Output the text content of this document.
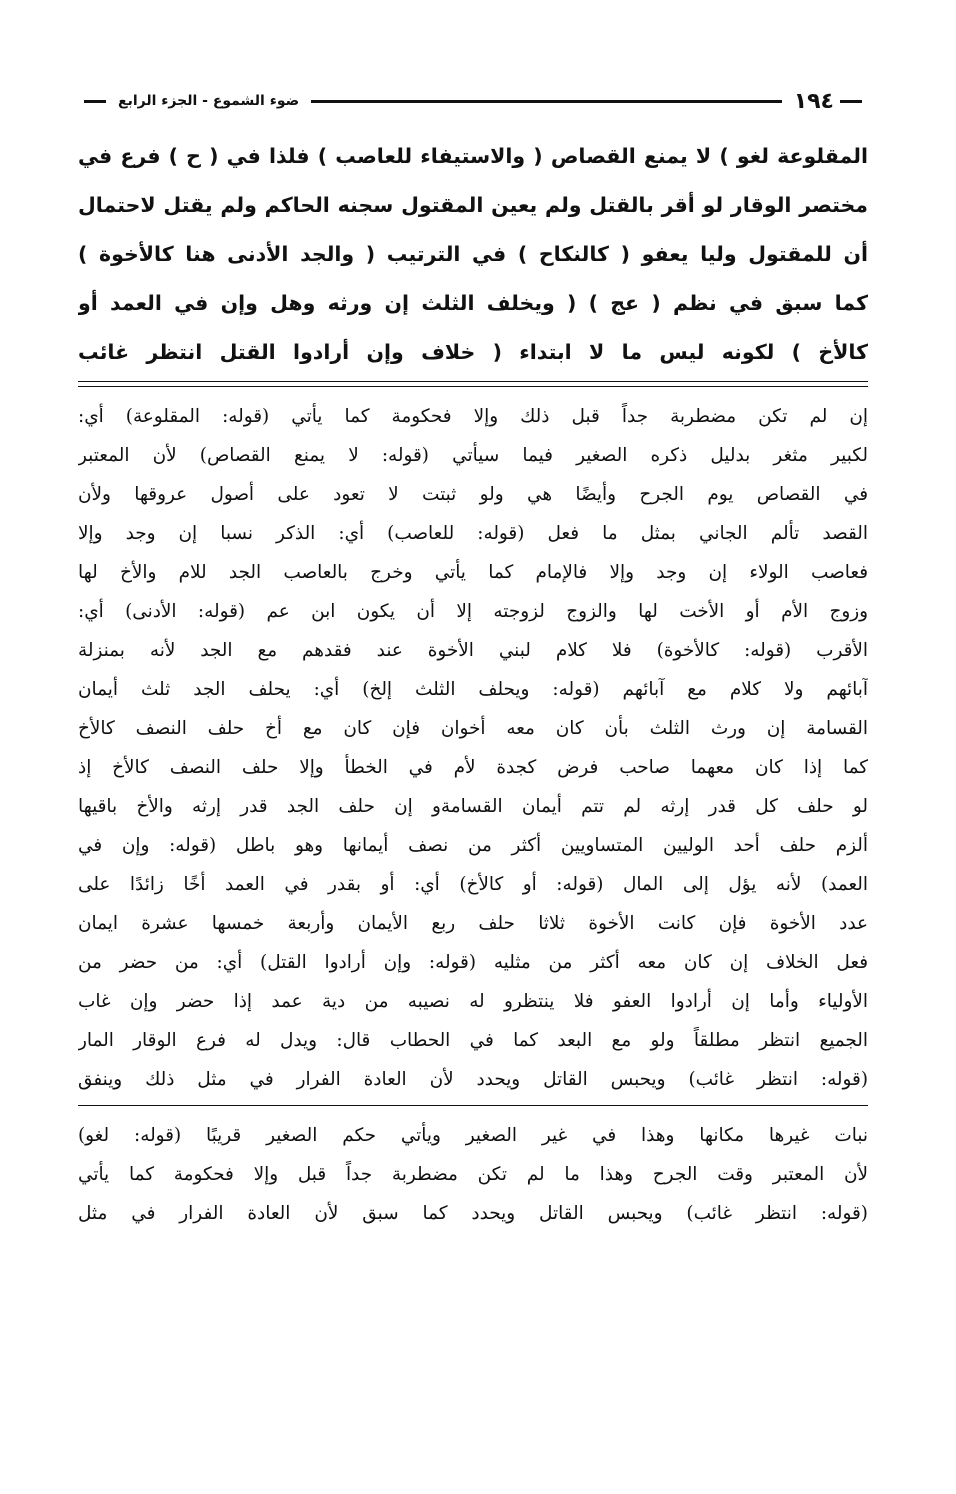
١٩٤
ضوء الشموع - الجزء الرابع
المقلوعة لغو ) لا يمنع القصاص ( والاستيفاء للعاصب ) فلذا في ( ح ) فرع في
مختصر الوقار لو أقر بالقتل ولم يعين المقتول سجنه الحاكم ولم يقتل لاحتمال
أن للمقتول وليا يعفو ( كالنكاح ) في الترتيب ( والجد الأدنى هنا كالأخوة )
كما سبق في نظم ( عج ) ( ويخلف الثلث إن ورثه وهل وإن في العمد أو
كالأخ ) لكونه ليس ما لا ابتداء ( خلاف وإن أرادوا القتل انتظر غائب
إن لم تكن مضطربة جداً قبل ذلك وإلا فحكومة كما يأتي (قوله: المقلوعة) أي:
لكبير مثغر بدليل ذكره الصغير فيما سيأتي (قوله: لا يمنع القصاص) لأن المعتبر
في القصاص يوم الجرح وأيضًا هي ولو ثبتت لا تعود على أصول عروقها ولأن
القصد تألم الجاني بمثل ما فعل (قوله: للعاصب) أي: الذكر نسبا إن وجد وإلا
فعاصب الولاء إن وجد وإلا فالإمام كما يأتي وخرج بالعاصب الجد للام والأخ لها
وزوج الأم أو الأخت لها والزوج لزوجته إلا أن يكون ابن عم (قوله: الأدنى) أي:
الأقرب (قوله: كالأخوة) فلا كلام لبني الأخوة عند فقدهم مع الجد لأنه بمنزلة
آبائهم ولا كلام مع آبائهم (قوله: ويحلف الثلث إلخ) أي: يحلف الجد ثلث أيمان
القسامة إن ورث الثلث بأن كان معه أخوان فإن كان مع أخ حلف النصف كالأخ
كما إذا كان معهما صاحب فرض كجدة لأم في الخطأ وإلا حلف النصف كالأخ إذ
لو حلف كل قدر إرثه لم تتم أيمان القسامةو إن حلف الجد قدر إرثه والأخ باقيها
ألزم حلف أحد الوليين المتساويين أكثر من نصف أيمانها وهو باطل (قوله: وإن في
العمد) لأنه يؤل إلى المال (قوله: أو كالأخ) أي: أو بقدر في العمد أخًا زائدًا على
عدد الأخوة فإن كانت الأخوة ثلاثا حلف ربع الأيمان وأربعة خمسها عشرة ايمان
فعل الخلاف إن كان معه أكثر من مثليه (قوله: وإن أرادوا القتل) أي: من حضر من
الأولياء وأما إن أرادوا العفو فلا ينتظرو له نصيبه من دية عمد إذا حضر وإن غاب
الجميع انتظر مطلقاً ولو مع البعد كما في الحطاب قال: ويدل له فرع الوقار المار
(قوله: انتظر غائب) ويحبس القاتل ويحدد لأن العادة الفرار في مثل ذلك وينفق
نبات غيرها مكانها وهذا في غير الصغير ويأتي حكم الصغير قريبًا (قوله: لغو)
لأن المعتبر وقت الجرح وهذا ما لم تكن مضطربة جداً قبل وإلا فحكومة كما يأتي
(قوله: انتظر غائب) ويحبس القاتل ويحدد كما سبق لأن العادة الفرار في مثل
